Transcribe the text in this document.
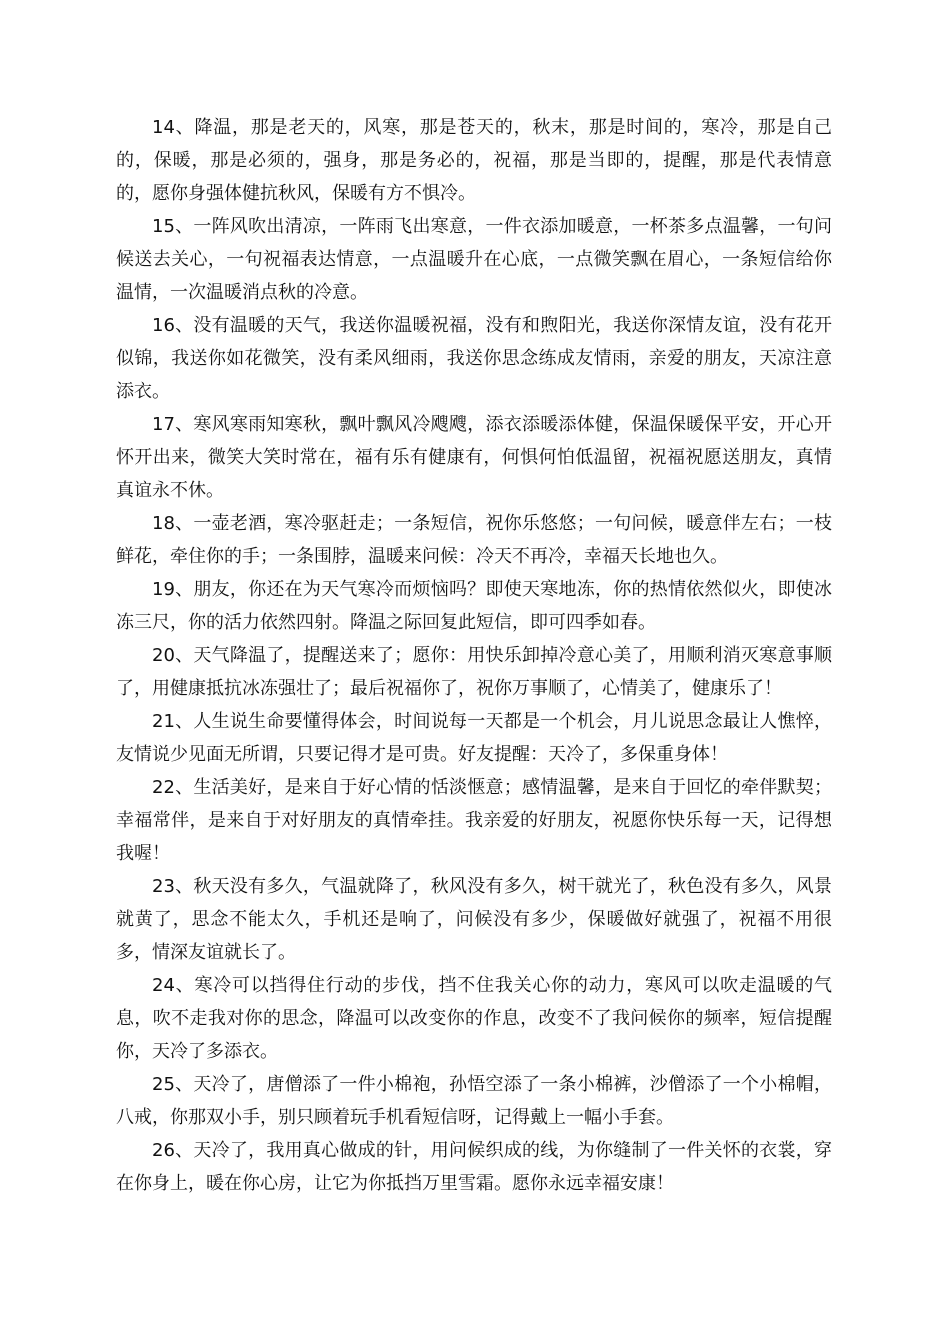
14、降温，那是老天的，风寒，那是苍天的，秋末，那是时间的，寒冷，那是自己的，保暖，那是必须的，强身，那是务必的，祝福，那是当即的，提醒，那是代表情意的，愿你身强体健抗秋风，保暖有方不惧冷。

15、一阵风吹出清凉，一阵雨飞出寒意，一件衣添加暖意，一杯茶多点温馨，一句问候送去关心，一句祝福表达情意，一点温暖升在心底，一点微笑飘在眉心，一条短信给你温情，一次温暖消点秋的冷意。

16、没有温暖的天气，我送你温暖祝福，没有和煦阳光，我送你深情友谊，没有花开似锦，我送你如花微笑，没有柔风细雨，我送你思念练成友情雨，亲爱的朋友，天凉注意添衣。

17、寒风寒雨知寒秋，飘叶飘风冷飕飕，添衣添暖添体健，保温保暖保平安，开心开怀开出来，微笑大笑时常在，福有乐有健康有，何惧何怕低温留，祝福祝愿送朋友，真情真谊永不休。

18、一壶老酒，寒冷驱赶走；一条短信，祝你乐悠悠；一句问候，暖意伴左右；一枝鲜花，牵住你的手；一条围脖，温暖来问候：冷天不再冷，幸福天长地也久。

19、朋友，你还在为天气寒冷而烦恼吗？即使天寒地冻，你的热情依然似火，即使冰冻三尺，你的活力依然四射。降温之际回复此短信，即可四季如春。

20、天气降温了，提醒送来了；愿你：用快乐卸掉冷意心美了，用顺利消灭寒意事顺了，用健康抵抗冰冻强壮了；最后祝福你了，祝你万事顺了，心情美了，健康乐了！

21、人生说生命要懂得体会，时间说每一天都是一个机会，月儿说思念最让人憔悴，友情说少见面无所谓，只要记得才是可贵。好友提醒：天冷了，多保重身体！

22、生活美好，是来自于好心情的恬淡惬意；感情温馨，是来自于回忆的牵伴默契；幸福常伴，是来自于对好朋友的真情牵挂。我亲爱的好朋友，祝愿你快乐每一天，记得想我喔！

23、秋天没有多久，气温就降了，秋风没有多久，树干就光了，秋色没有多久，风景就黄了，思念不能太久，手机还是响了，问候没有多少，保暖做好就强了，祝福不用很多，情深友谊就长了。

24、寒冷可以挡得住行动的步伐，挡不住我关心你的动力，寒风可以吹走温暖的气息，吹不走我对你的思念，降温可以改变你的作息，改变不了我问候你的频率，短信提醒你，天冷了多添衣。

25、天冷了，唐僧添了一件小棉袍，孙悟空添了一条小棉裤，沙僧添了一个小棉帽，八戒，你那双小手，别只顾着玩手机看短信呀，记得戴上一幅小手套。

26、天冷了，我用真心做成的针，用问候织成的线，为你缝制了一件关怀的衣裳，穿在你身上，暖在你心房，让它为你抵挡万里雪霜。愿你永远幸福安康！
